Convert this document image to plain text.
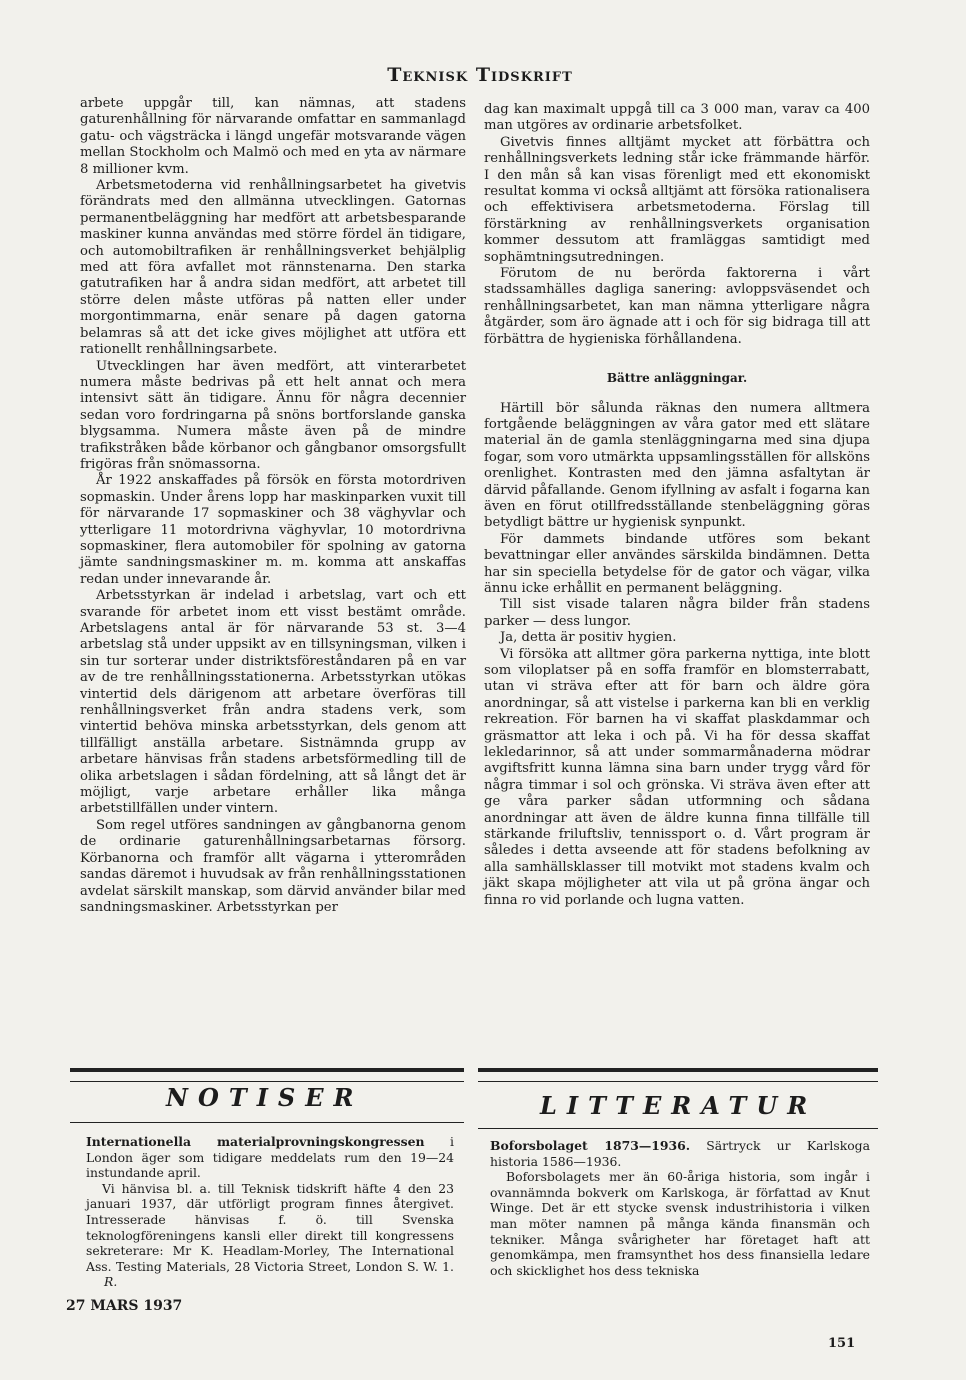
Teknisk Tidskrift

arbete uppgår till, kan nämnas, att stadens gaturenhållning för närvarande omfattar en sammanlagd gatu- och vägsträcka i längd ungefär motsvarande vägen mellan Stockholm och Malmö och med en yta av närmare 8 millioner kvm.

Arbetsmetoderna vid renhållningsarbetet ha givetvis förändrats med den allmänna utvecklingen. Gatornas permanentbeläggning har medfört att arbetsbesparande maskiner kunna användas med större fördel än tidigare, och automobiltrafiken är renhållningsverket behjälplig med att föra avfallet mot rännstenarna. Den starka gatutrafiken har å andra sidan medfört, att arbetet till större delen måste utföras på natten eller under morgontimmarna, enär senare på dagen gatorna belamras så att det icke gives möjlighet att utföra ett rationellt renhållningsarbete.

Utvecklingen har även medfört, att vinterarbetet numera måste bedrivas på ett helt annat och mera intensivt sätt än tidigare. Ännu för några decennier sedan voro fordringarna på snöns bortforslande ganska blygsamma. Numera måste även på de mindre trafikstråken både körbanor och gångbanor omsorgsfullt frigöras från snömassorna.

År 1922 anskaffades på försök en första motordriven sopmaskin. Under årens lopp har maskinparken vuxit till för närvarande 17 sopmaskiner och 38 väghyvlar och ytterligare 11 motordrivna väghyvlar, 10 motordrivna sopmaskiner, flera automobiler för spolning av gatorna jämte sandningsmaskiner m. m. komma att anskaffas redan under innevarande år.

Arbetsstyrkan är indelad i arbetslag, vart och ett svarande för arbetet inom ett visst bestämt område. Arbetslagens antal är för närvarande 53 st. 3—4 arbetslag stå under uppsikt av en tillsyningsman, vilken i sin tur sorterar under distriktsföreståndaren på en var av de tre renhållningsstationerna. Arbetsstyrkan utökas vintertid dels därigenom att arbetare överföras till renhållningsverket från andra stadens verk, som vintertid behöva minska arbetsstyrkan, dels genom att tillfälligt anställa arbetare. Sistnämnda grupp av arbetare hänvisas från stadens arbetsförmedling till de olika arbetslagen i sådan fördelning, att så långt det är möjligt, varje arbetare erhåller lika många arbetstillfällen under vintern.

Som regel utföres sandningen av gångbanorna genom de ordinarie gaturenhållningsarbetarnas försorg. Körbanorna och framför allt vägarna i ytterområden sandas däremot i huvudsak av från renhållningsstationen avdelat särskilt manskap, som därvid använder bilar med sandningsmaskiner. Arbetsstyrkan per

dag kan maximalt uppgå till ca 3 000 man, varav ca 400 man utgöres av ordinarie arbetsfolket.

Givetvis finnes alltjämt mycket att förbättra och renhållningsverkets ledning står icke främmande härför. I den mån så kan visas förenligt med ett ekonomiskt resultat komma vi också alltjämt att försöka rationalisera och effektivisera arbetsmetoderna. Förslag till förstärkning av renhållningsverkets organisation kommer dessutom att framläggas samtidigt med sophämtningsutredningen.

Förutom de nu berörda faktorerna i vårt stadssamhälles dagliga sanering: avloppsväsendet och renhållningsarbetet, kan man nämna ytterligare några åtgärder, som äro ägnade att i och för sig bidraga till att förbättra de hygieniska förhållandena.

Bättre anläggningar.

Härtill bör sålunda räknas den numera alltmera fortgående beläggningen av våra gator med ett slätare material än de gamla stenläggningarna med sina djupa fogar, som voro utmärkta uppsamlingsställen för allsköns orenlighet. Kontrasten med den jämna asfaltytan är därvid påfallande. Genom ifyllning av asfalt i fogarna kan även en förut otillfredsställande stenbeläggning göras betydligt bättre ur hygienisk synpunkt.

För dammets bindande utföres som bekant bevattningar eller användes särskilda bindämnen. Detta har sin speciella betydelse för de gator och vägar, vilka ännu icke erhållit en permanent beläggning.

Till sist visade talaren några bilder från stadens parker — dess lungor.

Ja, detta är positiv hygien.

Vi försöka att alltmer göra parkerna nyttiga, inte blott som viloplatser på en soffa framför en blomsterrabatt, utan vi sträva efter att för barn och äldre göra anordningar, så att vistelse i parkerna kan bli en verklig rekreation. För barnen ha vi skaffat plaskdammar och gräsmattor att leka i och på. Vi ha för dessa skaffat lekledarinnor, så att under sommarmånaderna mödrar avgiftsfritt kunna lämna sina barn under trygg vård för några timmar i sol och grönska. Vi sträva även efter att ge våra parker sådan utformning och sådana anordningar att även de äldre kunna finna tillfälle till stärkande friluftsliv, tennissport o. d. Vårt program är således i detta avseende att för stadens befolkning av alla samhällsklasser till motvikt mot stadens kvalm och jäkt skapa möjligheter att vila ut på gröna ängar och finna ro vid porlande och lugna vatten.

NOTISER

Internationella materialprovningskongressen i London äger som tidigare meddelats rum den 19—24 instundande april.

Vi hänvisa bl. a. till Teknisk tidskrift häfte 4 den 23 januari 1937, där utförligt program finnes återgivet. Intresserade hänvisas f. ö. till Svenska teknologföreningens kansli eller direkt till kongressens sekreterare: Mr K. Headlam-Morley, The International Ass. Testing Materials, 28 Victoria Street, London S. W. 1. R.

LITTERATUR

Boforsbolaget 1873—1936. Särtryck ur Karlskoga historia 1586—1936.

Boforsbolagets mer än 60-åriga historia, som ingår i ovannämnda bokverk om Karlskoga, är författad av Knut Winge. Det är ett stycke svensk industrihistoria i vilken man möter namnen på många kända finansmän och tekniker. Många svårigheter har företaget haft att genomkämpa, men framsynthet hos dess finansiella ledare och skicklighet hos dess tekniska

27 MARS 1937
151
